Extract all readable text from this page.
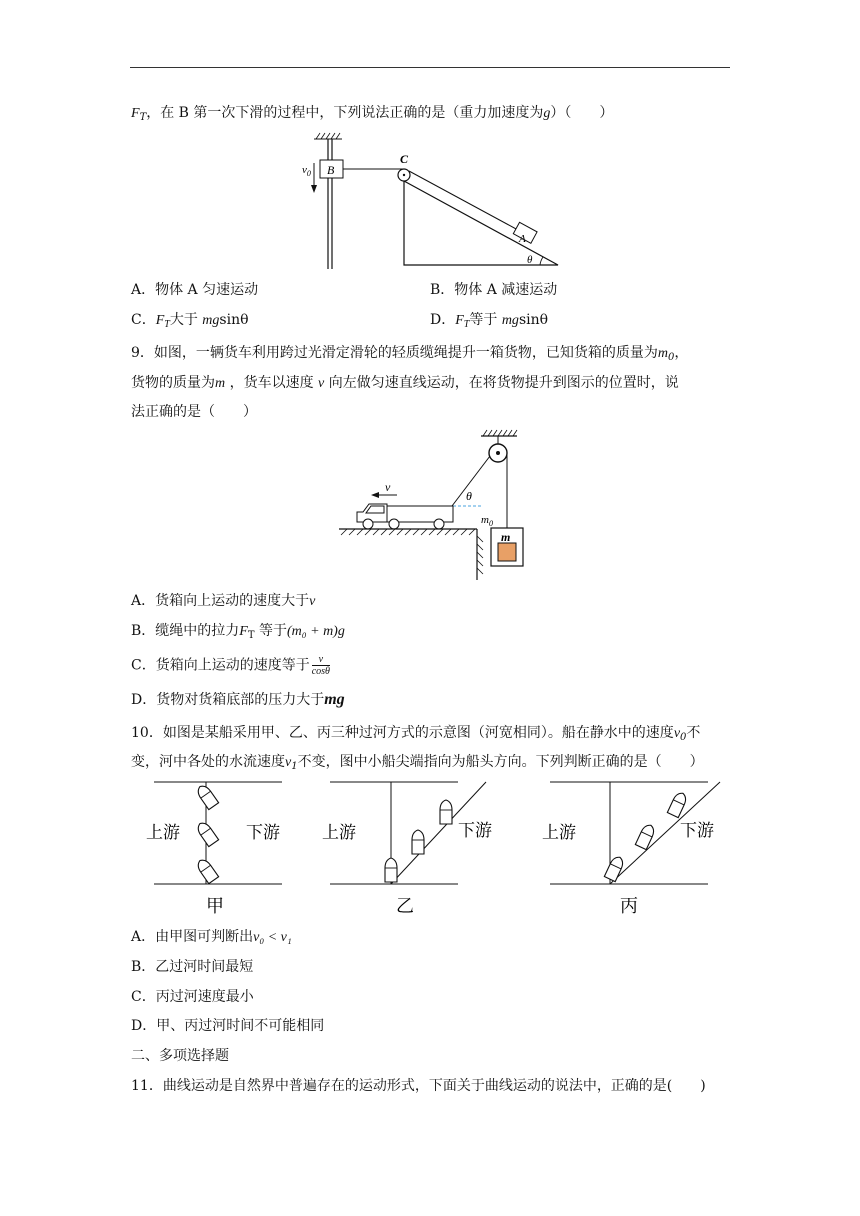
$F_T$，在 B 第一次下滑的过程中，下列说法正确的是（重力加速度为g）（　　）
B
$v_0$
C
A
θ
A．物体 A 匀速运动	B．物体 A 减速运动
C．$F_T$大于 mgsinθ	D．$F_T$等于 mgsinθ
9．如图，一辆货车利用跨过光滑定滑轮的轻质缆绳提升一箱货物，已知货箱的质量为$m_0$，
货物的质量为m ，货车以速度 v 向左做匀速直线运动，在将货物提升到图示的位置时，说
法正确的是（　　）
θ
v
m
$m_0$
A．货箱向上运动的速度大于v
B．缆绳中的拉力$F_T$ 等于(m₀ + m)g
C．货箱向上运动的速度等于 $\frac{v}{\cos\theta}$
D．货物对货箱底部的压力大于mg
10．如图是某船采用甲、乙、丙三种过河方式的示意图（河宽相同）。船在静水中的速度$v_0$不
变，河中各处的水流速度$v_1$不变，图中小船尖端指向为船头方向。下列判断正确的是（　　）
上游	下游
甲
上游	下游
乙
上游	下游
丙
A．由甲图可判断出v₀ < v₁
B．乙过河时间最短
C．丙过河速度最小
D．甲、丙过河时间不可能相同
二、多项选择题
11．曲线运动是自然界中普遍存在的运动形式，下面关于曲线运动的说法中，正确的是(　　)
